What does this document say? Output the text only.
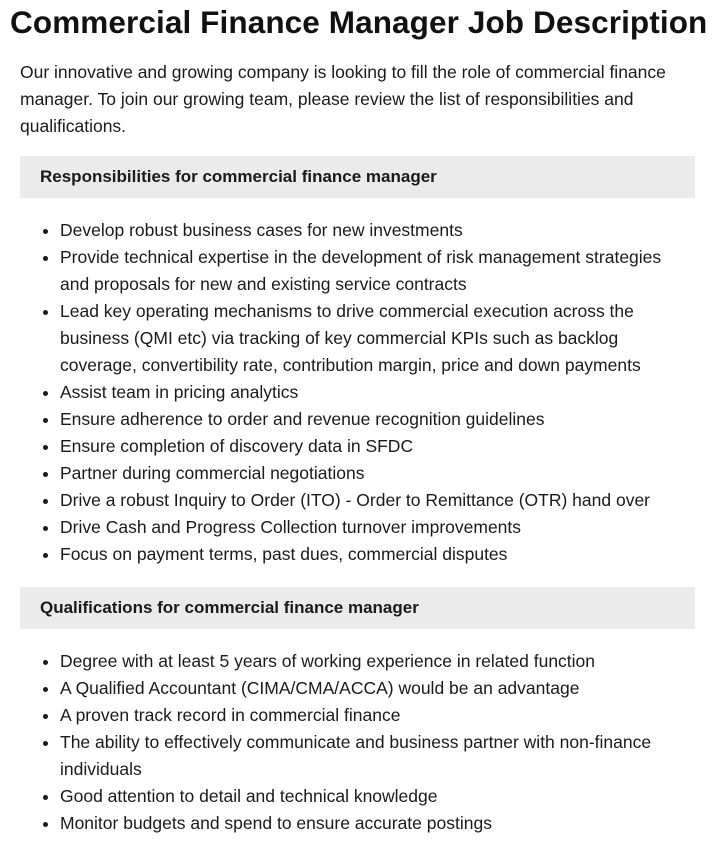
Commercial Finance Manager Job Description

Our innovative and growing company is looking to fill the role of commercial finance manager. To join our growing team, please review the list of responsibilities and qualifications.

Responsibilities for commercial finance manager
• Develop robust business cases for new investments
• Provide technical expertise in the development of risk management strategies and proposals for new and existing service contracts
• Lead key operating mechanisms to drive commercial execution across the business (QMI etc) via tracking of key commercial KPIs such as backlog coverage, convertibility rate, contribution margin, price and down payments
• Assist team in pricing analytics
• Ensure adherence to order and revenue recognition guidelines
• Ensure completion of discovery data in SFDC
• Partner during commercial negotiations
• Drive a robust Inquiry to Order (ITO) - Order to Remittance (OTR) hand over
• Drive Cash and Progress Collection turnover improvements
• Focus on payment terms, past dues, commercial disputes
Qualifications for commercial finance manager
• Degree with at least 5 years of working experience in related function
• A Qualified Accountant (CIMA/CMA/ACCA) would be an advantage
• A proven track record in commercial finance
• The ability to effectively communicate and business partner with non-finance individuals
• Good attention to detail and technical knowledge
• Monitor budgets and spend to ensure accurate postings
